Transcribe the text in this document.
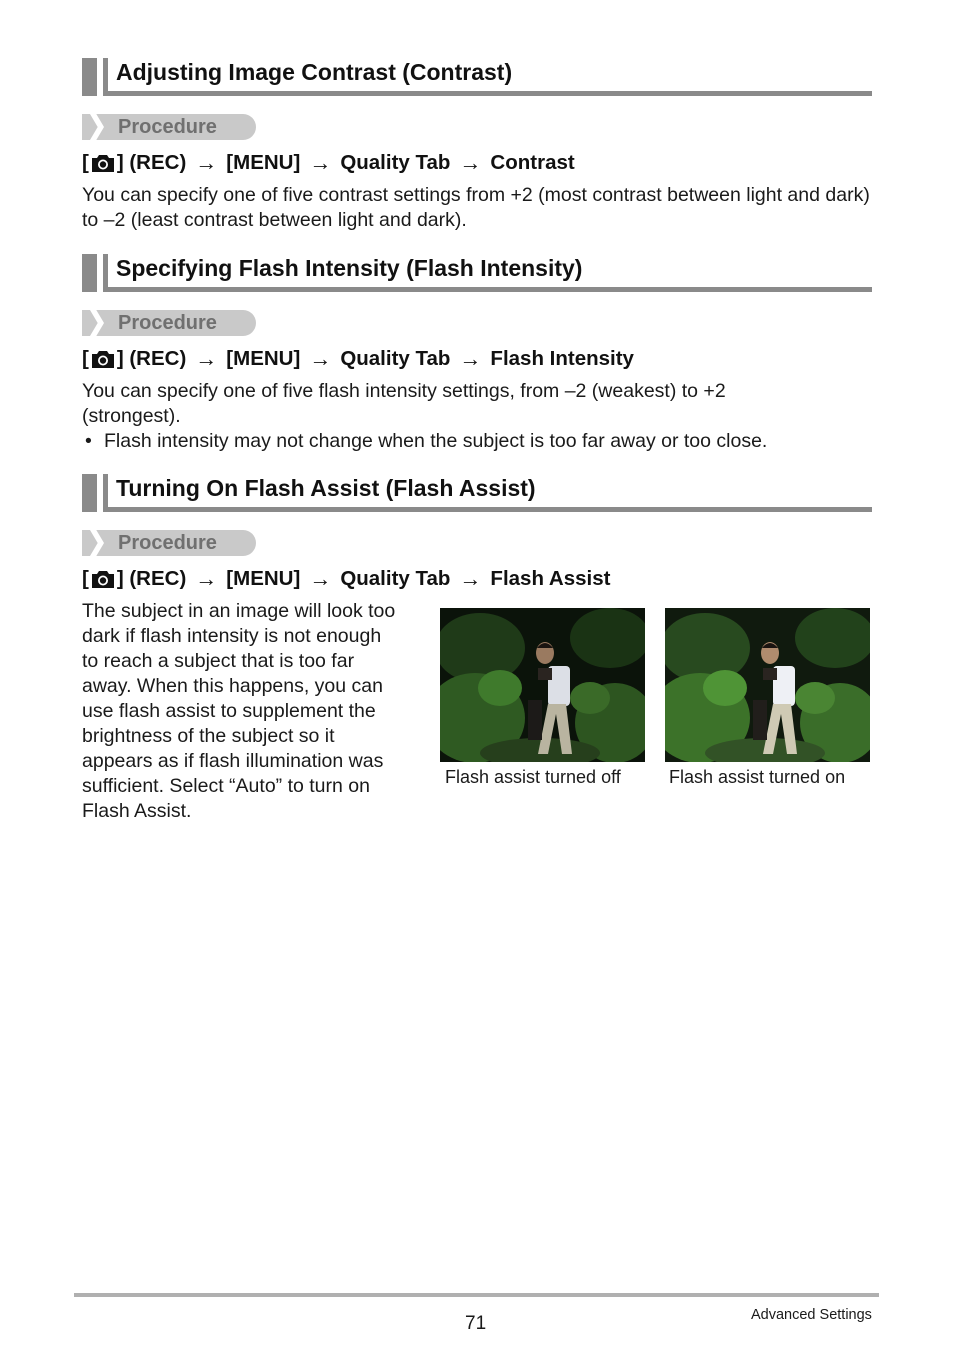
Adjusting Image Contrast (Contrast)
Procedure
[ ] (REC) → [MENU] → Quality Tab → Contrast
You can specify one of five contrast settings from +2 (most contrast between light and dark) to –2 (least contrast between light and dark).
Specifying Flash Intensity (Flash Intensity)
Procedure
[ ] (REC) → [MENU] → Quality Tab → Flash Intensity
You can specify one of five flash intensity settings, from –2 (weakest) to +2 (strongest).
• Flash intensity may not change when the subject is too far away or too close.
Turning On Flash Assist (Flash Assist)
Procedure
[ ] (REC) → [MENU] → Quality Tab → Flash Assist
The subject in an image will look too dark if flash intensity is not enough to reach a subject that is too far away. When this happens, you can use flash assist to supplement the brightness of the subject so it appears as if flash illumination was sufficient. Select “Auto” to turn on Flash Assist.
Flash assist turned off	Flash assist turned on
71	Advanced Settings
